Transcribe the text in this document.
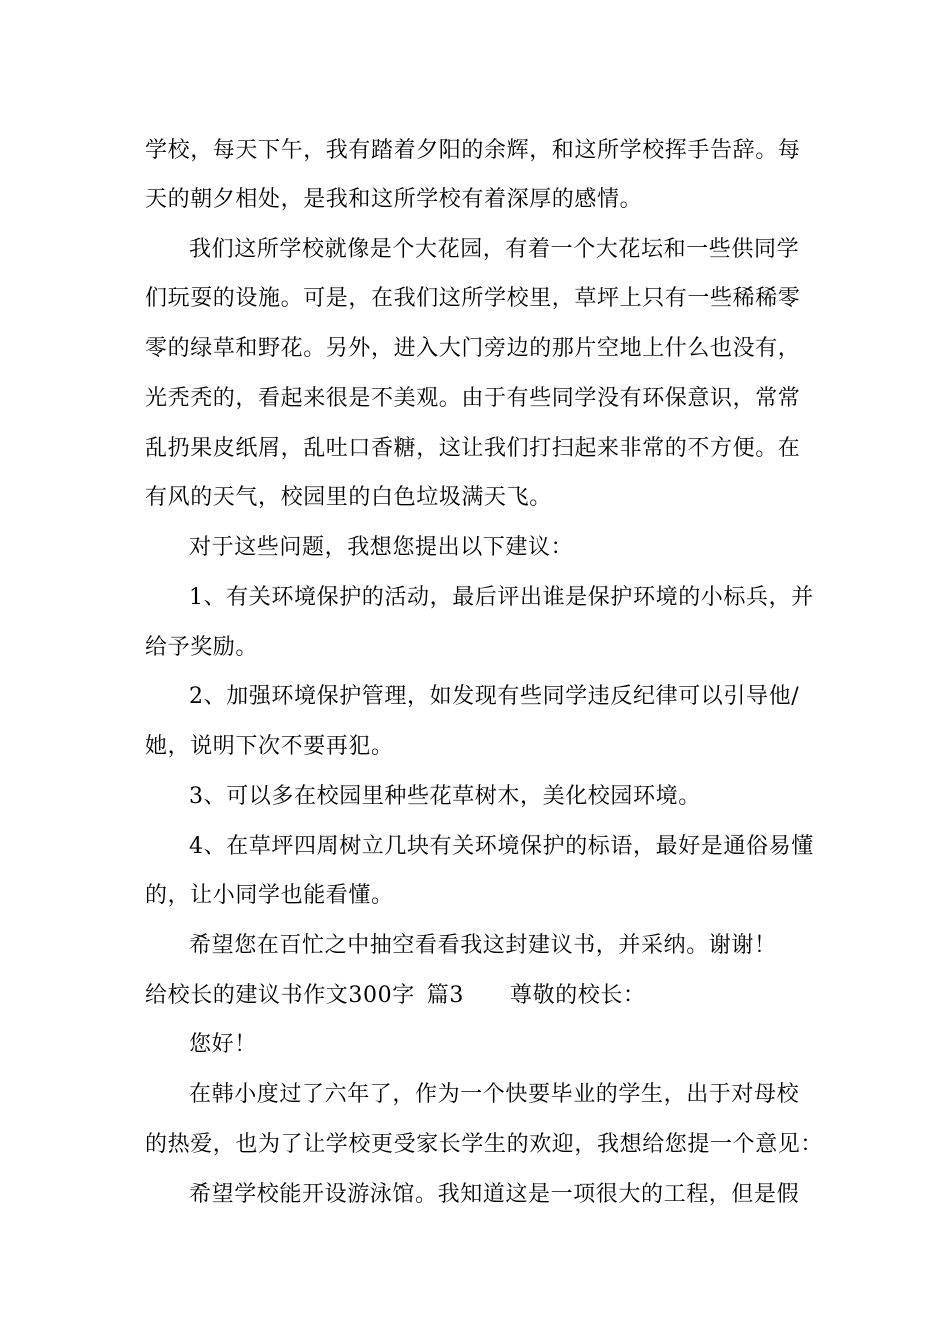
学校，每天下午，我有踏着夕阳的余辉，和这所学校挥手告辞。每
天的朝夕相处，是我和这所学校有着深厚的感情。
我们这所学校就像是个大花园，有着一个大花坛和一些供同学
们玩耍的设施。可是，在我们这所学校里，草坪上只有一些稀稀零
零的绿草和野花。另外，进入大门旁边的那片空地上什么也没有，
光秃秃的，看起来很是不美观。由于有些同学没有环保意识，常常
乱扔果皮纸屑，乱吐口香糖，这让我们打扫起来非常的不方便。在
有风的天气，校园里的白色垃圾满天飞。
对于这些问题，我想您提出以下建议：
1、有关环境保护的活动，最后评出谁是保护环境的小标兵，并
给予奖励。
2、加强环境保护管理，如发现有些同学违反纪律可以引导他/
她，说明下次不要再犯。
3、可以多在校园里种些花草树木，美化校园环境。
4、在草坪四周树立几块有关环境保护的标语，最好是通俗易懂
的，让小同学也能看懂。
希望您在百忙之中抽空看看我这封建议书，并采纳。谢谢！
给校长的建议书作文300字 篇3 尊敬的校长：
您好！
在韩小度过了六年了，作为一个快要毕业的学生，出于对母校
的热爱，也为了让学校更受家长学生的欢迎，我想给您提一个意见：
希望学校能开设游泳馆。我知道这是一项很大的工程，但是假
